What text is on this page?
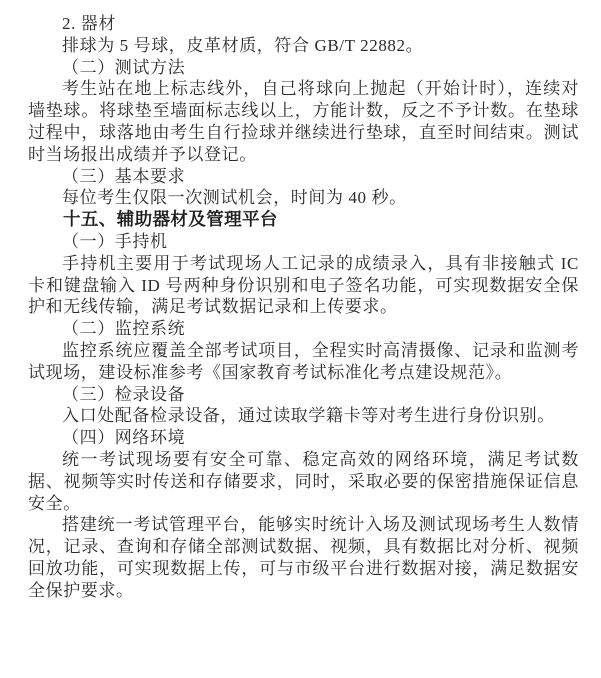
2. 器材

排球为 5 号球，皮革材质，符合 GB/T 22882。

（二）测试方法

考生站在地上标志线外，自己将球向上抛起（开始计时），连续对墙垫球。将球垫至墙面标志线以上，方能计数，反之不予计数。在垫球过程中，球落地由考生自行捡球并继续进行垫球，直至时间结束。测试时当场报出成绩并予以登记。

（三）基本要求

每位考生仅限一次测试机会，时间为 40 秒。

十五、辅助器材及管理平台

（一）手持机

手持机主要用于考试现场人工记录的成绩录入，具有非接触式 IC 卡和键盘输入 ID 号两种身份识别和电子签名功能，可实现数据安全保护和无线传输，满足考试数据记录和上传要求。

（二）监控系统

监控系统应覆盖全部考试项目，全程实时高清摄像、记录和监测考试现场，建设标准参考《国家教育考试标准化考点建设规范》。

（三）检录设备

入口处配备检录设备，通过读取学籍卡等对考生进行身份识别。

（四）网络环境

统一考试现场要有安全可靠、稳定高效的网络环境，满足考试数据、视频等实时传送和存储要求，同时，采取必要的保密措施保证信息安全。

搭建统一考试管理平台，能够实时统计入场及测试现场考生人数情况，记录、查询和存储全部测试数据、视频，具有数据比对分析、视频回放功能，可实现数据上传，可与市级平台进行数据对接，满足数据安全保护要求。
